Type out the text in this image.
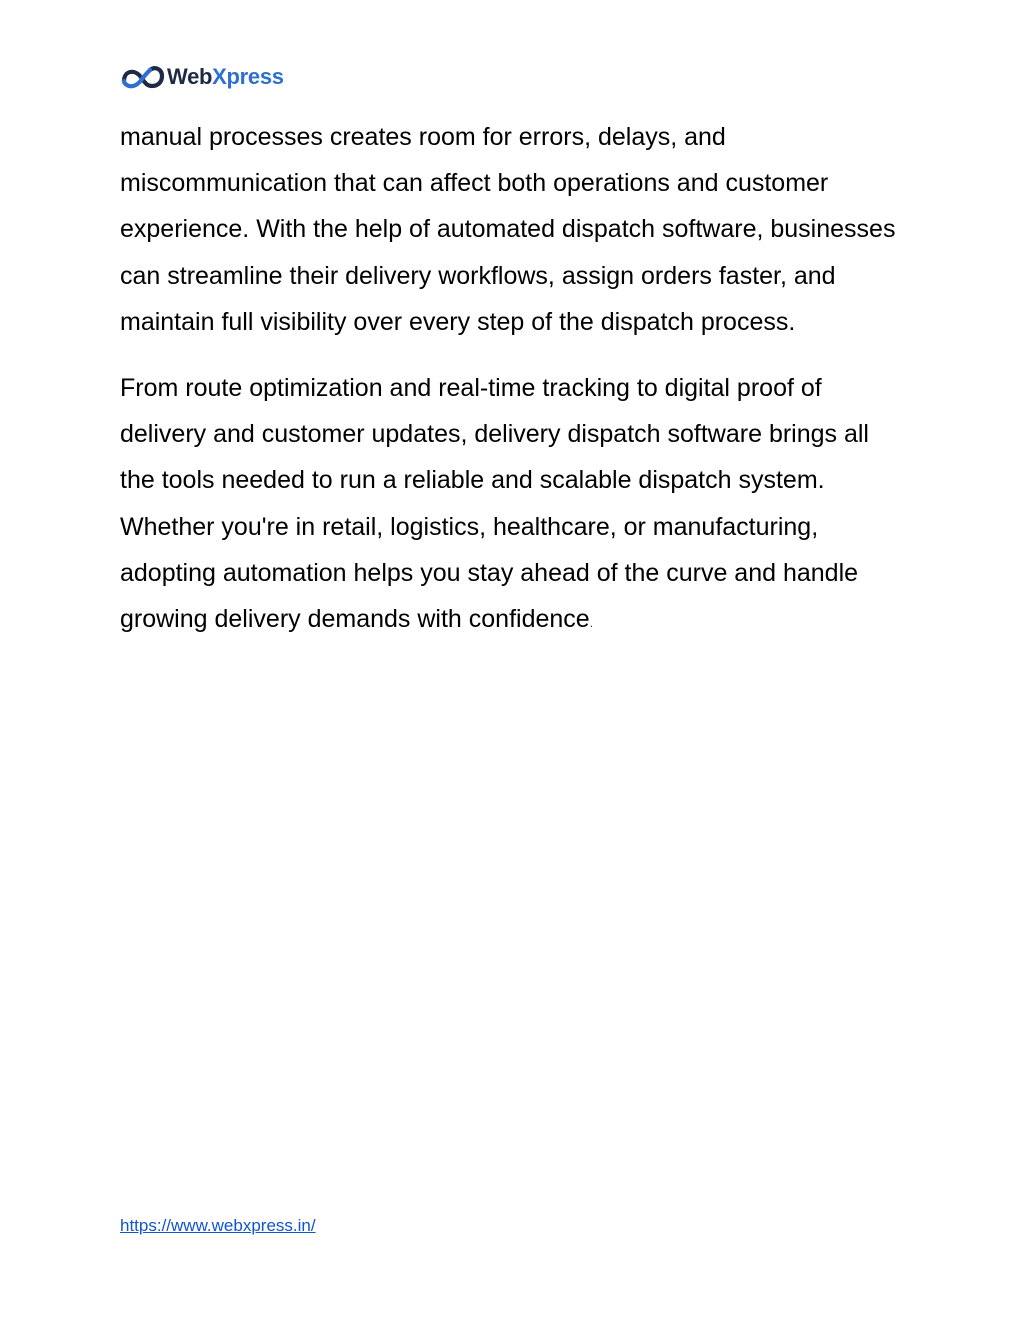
WebXpress

manual processes creates room for errors, delays, and miscommunication that can affect both operations and customer experience. With the help of automated dispatch software, businesses can streamline their delivery workflows, assign orders faster, and maintain full visibility over every step of the dispatch process.

From route optimization and real-time tracking to digital proof of delivery and customer updates, delivery dispatch software brings all the tools needed to run a reliable and scalable dispatch system. Whether you're in retail, logistics, healthcare, or manufacturing, adopting automation helps you stay ahead of the curve and handle growing delivery demands with confidence.

https://www.webxpress.in/
